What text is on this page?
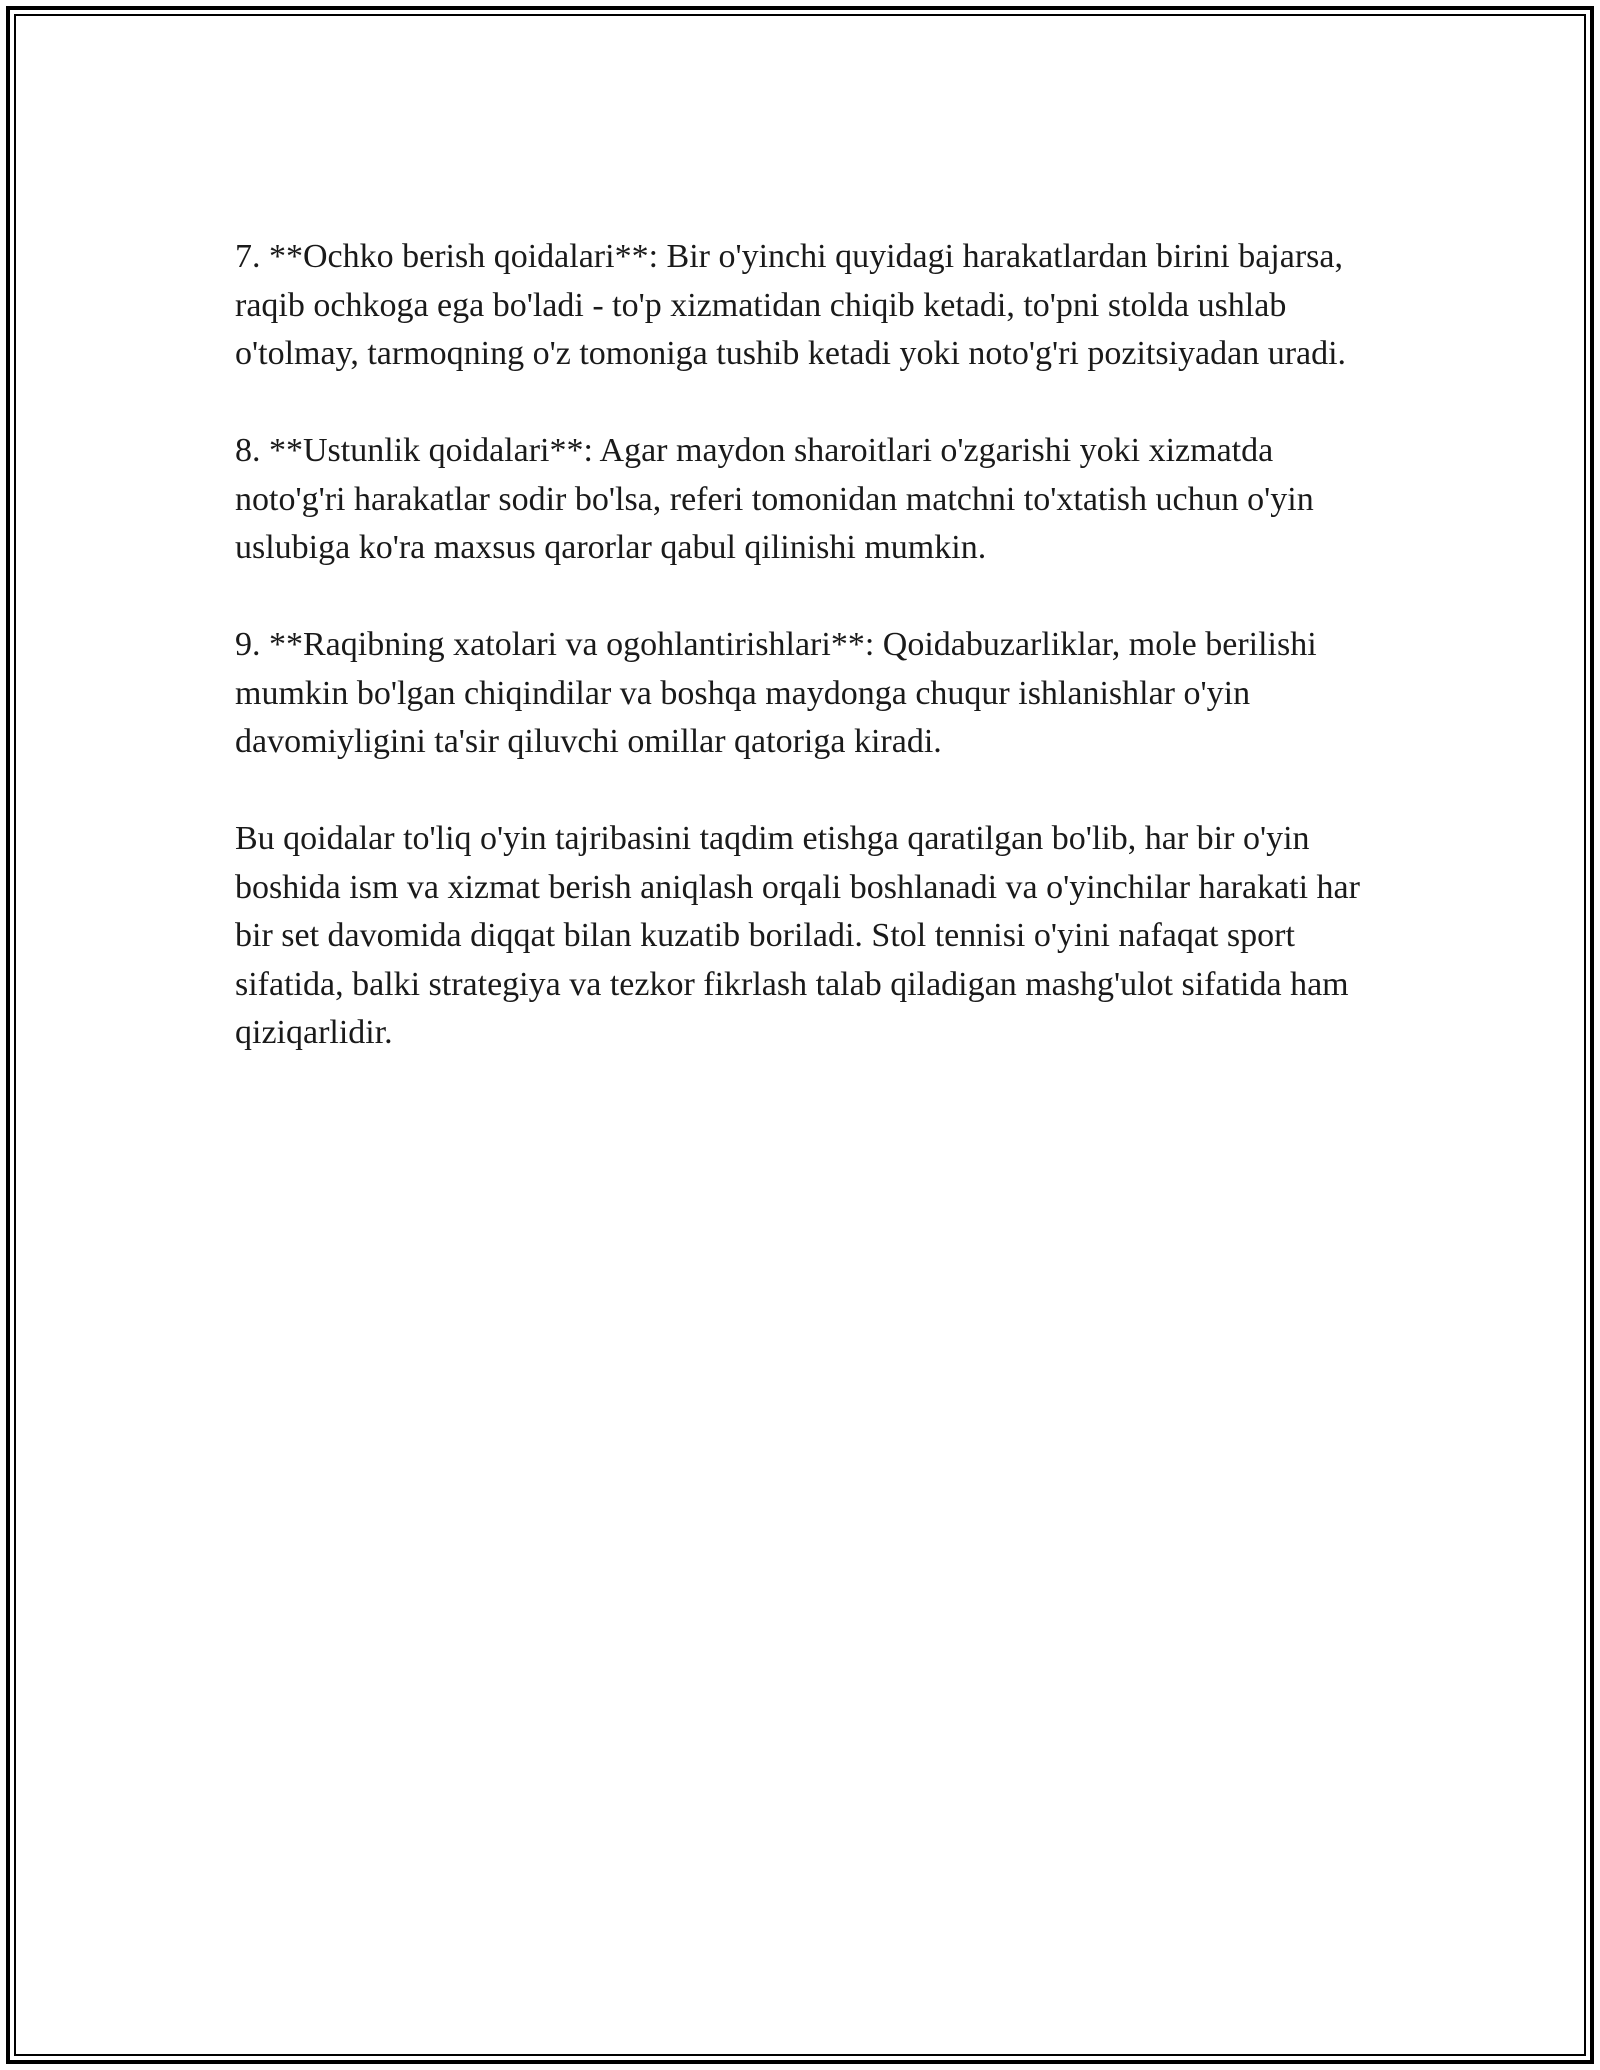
7. **Ochko berish qoidalari**: Bir o'yinchi quyidagi harakatlardan birini bajarsa, raqib ochkoga ega bo'ladi - to'p xizmatidan chiqib ketadi, to'pni stolda ushlab o'tolmay, tarmoqning o'z tomoniga tushib ketadi yoki noto'g'ri pozitsiyadan uradi.

8. **Ustunlik qoidalari**: Agar maydon sharoitlari o'zgarishi yoki xizmatda noto'g'ri harakatlar sodir bo'lsa, referi tomonidan matchni to'xtatish uchun o'yin uslubiga ko'ra maxsus qarorlar qabul qilinishi mumkin.

9. **Raqibning xatolari va ogohlantirishlari**: Qoidabuzarliklar, mole berilishi mumkin bo'lgan chiqindilar va boshqa maydonga chuqur ishlanishlar o'yin davomiyligini ta'sir qiluvchi omillar qatoriga kiradi.

Bu qoidalar to'liq o'yin tajribasini taqdim etishga qaratilgan bo'lib, har bir o'yin boshida ism va xizmat berish aniqlash orqali boshlanadi va o'yinchilar harakati har bir set davomida diqqat bilan kuzatib boriladi. Stol tennisi o'yini nafaqat sport sifatida, balki strategiya va tezkor fikrlash talab qiladigan mashg'ulot sifatida ham qiziqarlidir.
